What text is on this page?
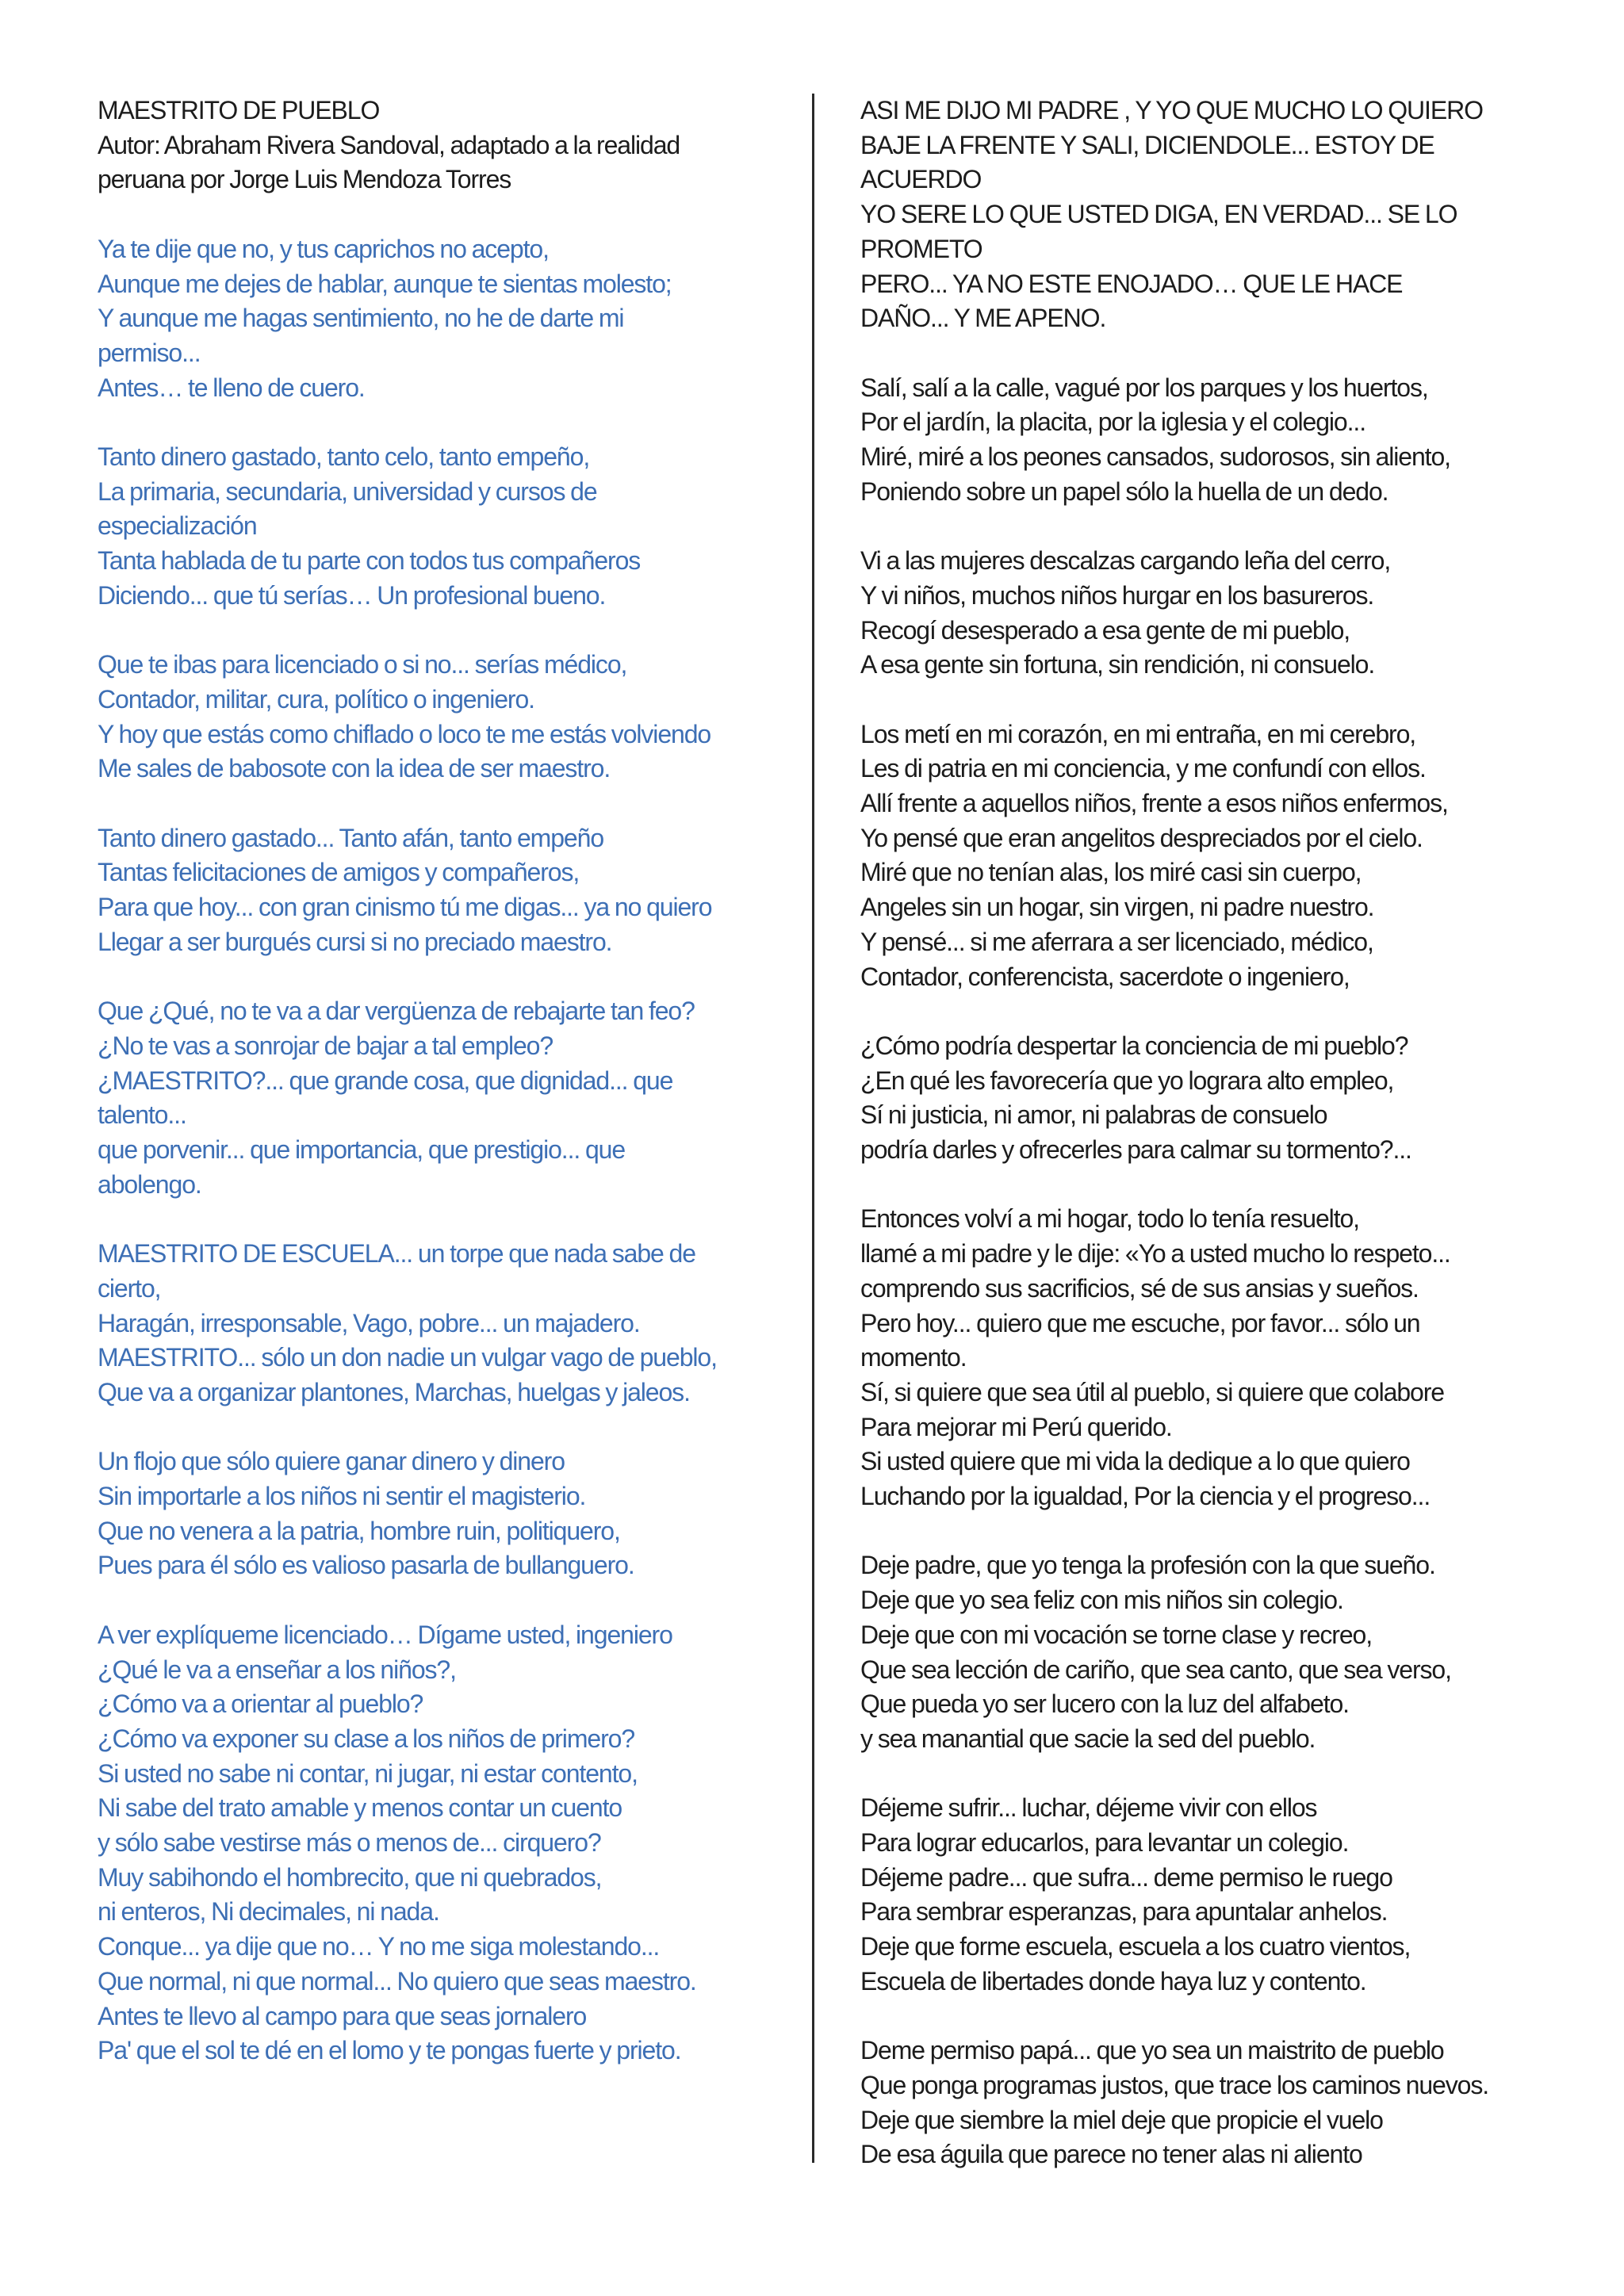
MAESTRITO DE PUEBLO
Autor: Abraham Rivera Sandoval, adaptado a la realidad
peruana por Jorge Luis Mendoza Torres
Ya te dije que no, y tus caprichos no acepto,
Aunque me dejes de hablar, aunque te sientas molesto;
Y aunque me hagas sentimiento, no he de darte mi
permiso...
Antes… te lleno de cuero.
Tanto dinero gastado, tanto celo, tanto empeño,
La primaria, secundaria, universidad y cursos de
especialización
Tanta hablada de tu parte con todos tus compañeros
Diciendo... que tú serías… Un profesional bueno.
Que te ibas para licenciado o si no... serías médico,
Contador, militar, cura, político o ingeniero.
Y hoy que estás como chiflado o loco te me estás volviendo
Me sales de babosote con la idea de ser maestro.
Tanto dinero gastado... Tanto afán, tanto empeño
Tantas felicitaciones de amigos y compañeros,
Para que hoy... con gran cinismo tú me digas... ya no quiero
Llegar a ser burgués cursi si no preciado maestro.
Que ¿Qué, no te va a dar vergüenza de rebajarte tan feo?
¿No te vas a sonrojar de bajar a tal empleo?
¿MAESTRITO?... que grande cosa, que dignidad... que
talento...
que porvenir... que importancia, que prestigio... que
abolengo.
MAESTRITO DE ESCUELA... un torpe que nada sabe de
cierto,
Haragán, irresponsable, Vago, pobre... un majadero.
MAESTRITO... sólo un don nadie un vulgar vago de pueblo,
Que va a organizar plantones, Marchas, huelgas y jaleos.
Un flojo que sólo quiere ganar dinero y dinero
Sin importarle a los niños ni sentir el magisterio.
Que no venera a la patria, hombre ruin, politiquero,
Pues para él sólo es valioso pasarla de bullanguero.
A ver explíqueme licenciado… Dígame usted, ingeniero
¿Qué le va a enseñar a los niños?,
¿Cómo va a orientar al pueblo?
¿Cómo va exponer su clase a los niños de primero?
Si usted no sabe ni contar, ni jugar, ni estar contento,
Ni sabe del trato amable y menos contar un cuento
y sólo sabe vestirse más o menos de... cirquero?
Muy sabihondo el hombrecito, que ni quebrados,
ni enteros, Ni decimales, ni nada.
Conque... ya dije que no… Y no me siga molestando...
Que normal, ni que normal... No quiero que seas maestro.
Antes te llevo al campo para que seas jornalero
Pa' que el sol te dé en el lomo y te pongas fuerte y prieto.
ASI ME DIJO MI PADRE , Y YO QUE MUCHO LO QUIERO
BAJE LA FRENTE Y SALI, DICIENDOLE... ESTOY DE
ACUERDO
YO SERE LO QUE USTED DIGA, EN VERDAD... SE LO
PROMETO
PERO... YA NO ESTE ENOJADO… QUE LE HACE
DAÑO... Y ME APENO.
Salí, salí a la calle, vagué por los parques y los huertos,
Por el jardín, la placita, por la iglesia y el colegio...
Miré, miré a los peones cansados, sudorosos, sin aliento,
Poniendo sobre un papel sólo la huella de un dedo.
Vi a las mujeres descalzas cargando leña del cerro,
Y vi niños, muchos niños hurgar en los basureros.
Recogí desesperado a esa gente de mi pueblo,
A esa gente sin fortuna, sin rendición, ni consuelo.
Los metí en mi corazón, en mi entraña, en mi cerebro,
Les di patria en mi conciencia, y me confundí con ellos.
Allí frente a aquellos niños, frente a esos niños enfermos,
Yo pensé que eran angelitos despreciados por el cielo.
Miré que no tenían alas, los miré casi sin cuerpo,
Angeles sin un hogar, sin virgen, ni padre nuestro.
Y pensé... si me aferrara a ser licenciado, médico,
Contador, conferencista, sacerdote o ingeniero,
¿Cómo podría despertar la conciencia de mi pueblo?
¿En qué les favorecería que yo lograra alto empleo,
Sí ni justicia, ni amor, ni palabras de consuelo
podría darles y ofrecerles para calmar su tormento?...
Entonces volví a mi hogar, todo lo tenía resuelto,
llamé a mi padre y le dije: «Yo a usted mucho lo respeto...
comprendo sus sacrificios, sé de sus ansias y sueños.
Pero hoy... quiero que me escuche, por favor... sólo un
momento.
Sí, si quiere que sea útil al pueblo, si quiere que colabore
Para mejorar mi Perú querido.
Si usted quiere que mi vida la dedique a lo que quiero
Luchando por la igualdad, Por la ciencia y el progreso...
Deje padre, que yo tenga la profesión con la que sueño.
Deje que yo sea feliz con mis niños sin colegio.
Deje que con mi vocación se torne clase y recreo,
Que sea lección de cariño, que sea canto, que sea verso,
Que pueda yo ser lucero con la luz del alfabeto.
y sea manantial que sacie la sed del pueblo.
Déjeme sufrir... luchar, déjeme vivir con ellos
Para lograr educarlos, para levantar un colegio.
Déjeme padre... que sufra... deme permiso le ruego
Para sembrar esperanzas, para apuntalar anhelos.
Deje que forme escuela, escuela a los cuatro vientos,
Escuela de libertades donde haya luz y contento.
Deme permiso papá... que yo sea un maistrito de pueblo
Que ponga programas justos, que trace los caminos nuevos.
Deje que siembre la miel deje que propicie el vuelo
De esa águila que parece no tener alas ni aliento
